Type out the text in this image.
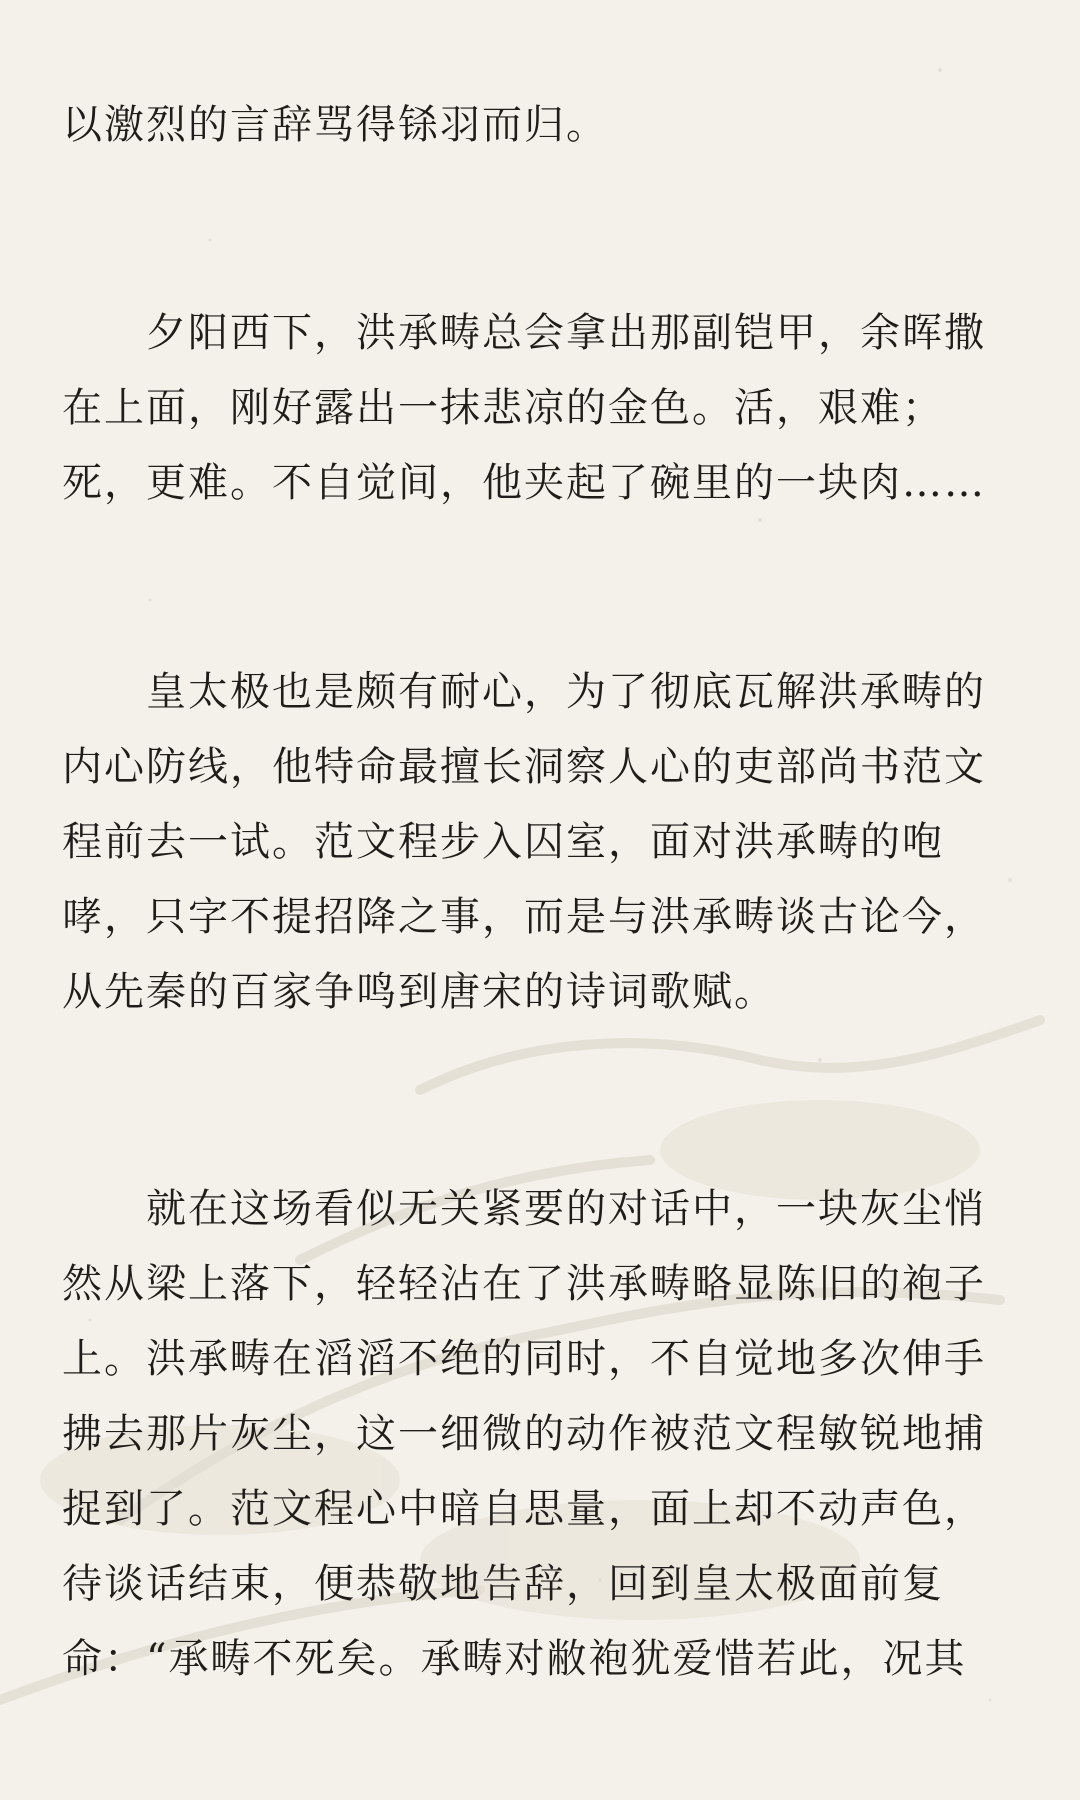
以激烈的言辞骂得铩羽而归。
　　夕阳西下，洪承畴总会拿出那副铠甲，余晖撒
在上面，刚好露出一抹悲凉的金色。活，艰难；
死，更难。不自觉间，他夹起了碗里的一块肉……
　　皇太极也是颇有耐心，为了彻底瓦解洪承畴的
内心防线，他特命最擅长洞察人心的吏部尚书范文
程前去一试。范文程步入囚室，面对洪承畴的咆
哮，只字不提招降之事，而是与洪承畴谈古论今，
从先秦的百家争鸣到唐宋的诗词歌赋。
　　就在这场看似无关紧要的对话中，一块灰尘悄
然从梁上落下，轻轻沾在了洪承畴略显陈旧的袍子
上。洪承畴在滔滔不绝的同时，不自觉地多次伸手
拂去那片灰尘，这一细微的动作被范文程敏锐地捕
捉到了。范文程心中暗自思量，面上却不动声色，
待谈话结束，便恭敬地告辞，回到皇太极面前复
命：“承畴不死矣。承畴对敝袍犹爱惜若此，况其
